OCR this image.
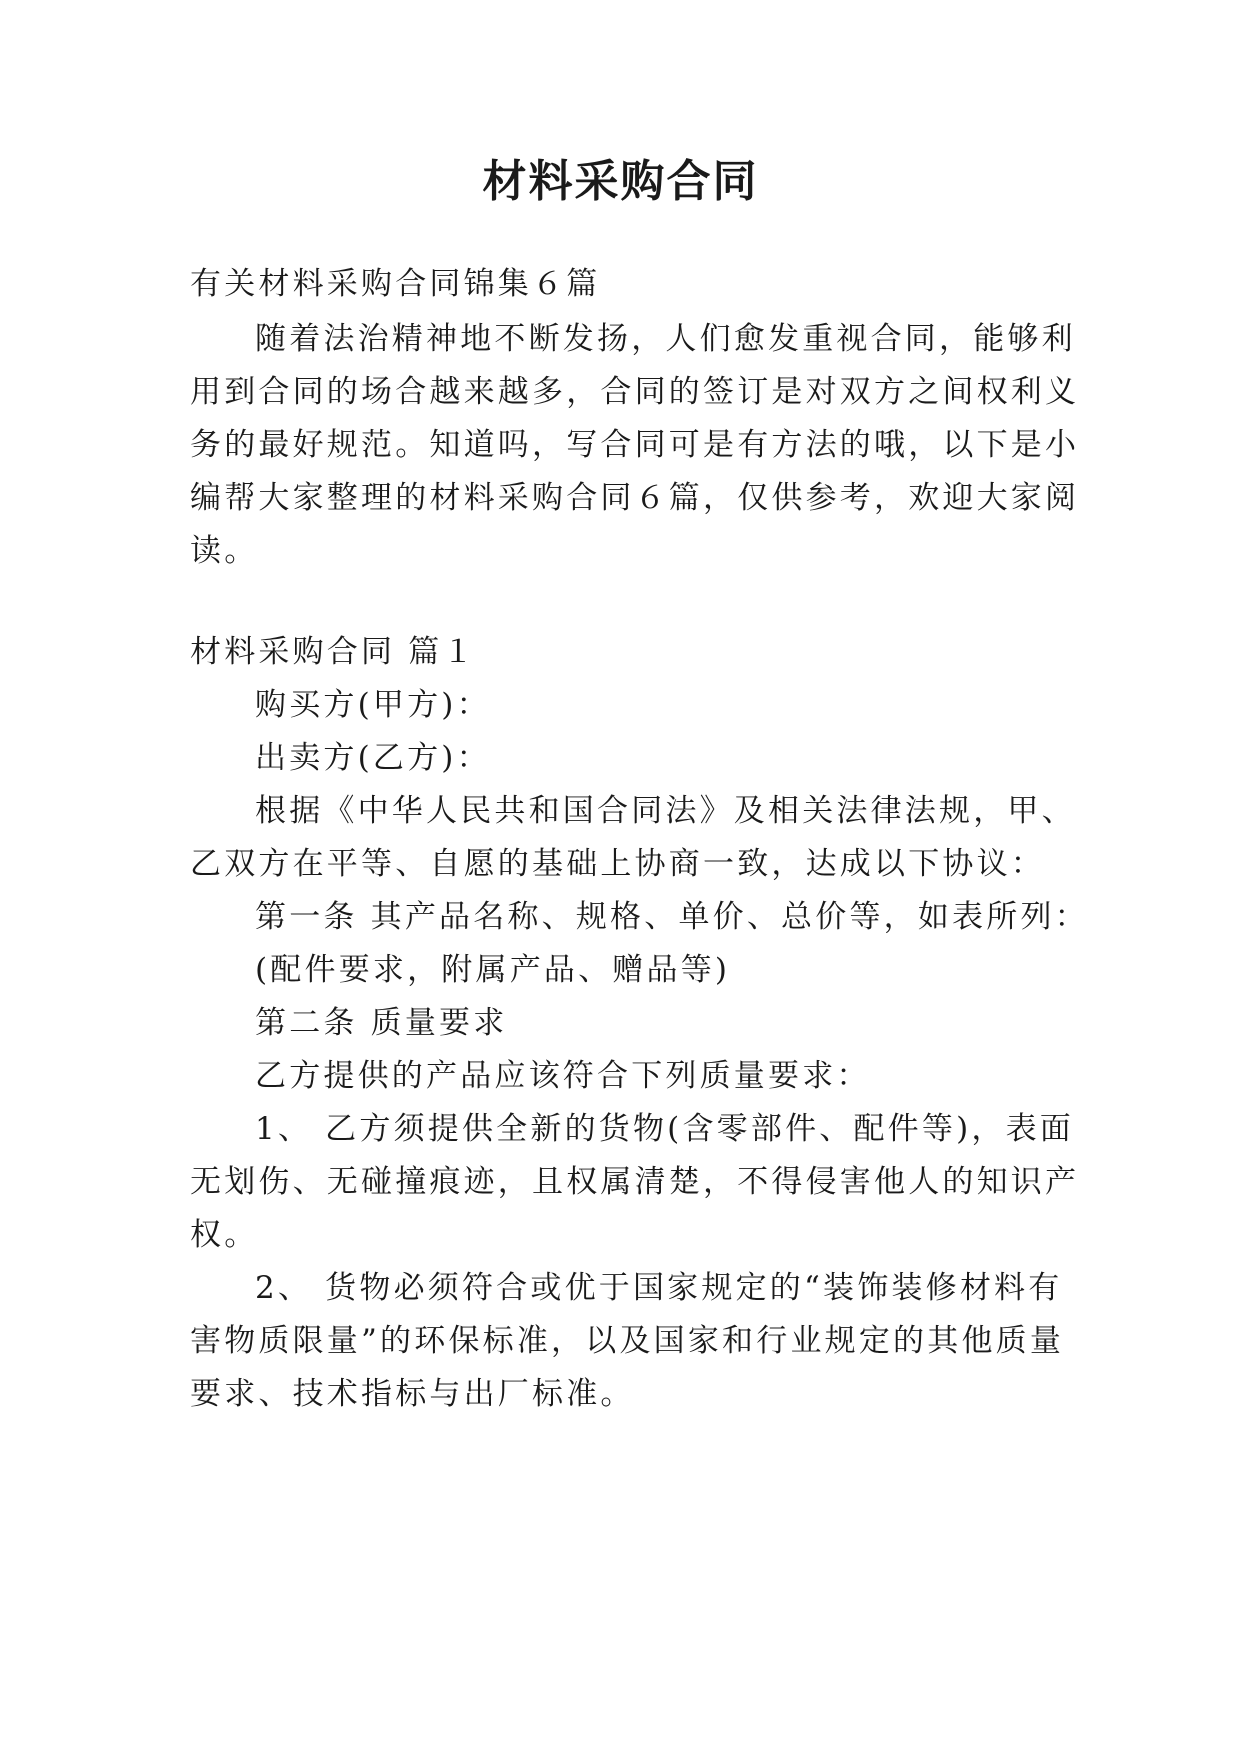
材料采购合同
有关材料采购合同锦集６篇
随着法治精神地不断发扬，人们愈发重视合同，能够利
用到合同的场合越来越多，合同的签订是对双方之间权利义
务的最好规范。知道吗，写合同可是有方法的哦，以下是小
编帮大家整理的材料采购合同６篇，仅供参考，欢迎大家阅
读。
材料采购合同 篇１
购买方(甲方)：
出卖方(乙方)：
根据《中华人民共和国合同法》及相关法律法规，甲、
乙双方在平等、自愿的基础上协商一致，达成以下协议：
第一条 其产品名称、规格、单价、总价等，如表所列：
(配件要求，附属产品、赠品等)
第二条 质量要求
乙方提供的产品应该符合下列质量要求：
1、 乙方须提供全新的货物(含零部件、配件等)，表面
无划伤、无碰撞痕迹，且权属清楚，不得侵害他人的知识产
权。
2、 货物必须符合或优于国家规定的“装饰装修材料有
害物质限量”的环保标准，以及国家和行业规定的其他质量
要求、技术指标与出厂标准。
